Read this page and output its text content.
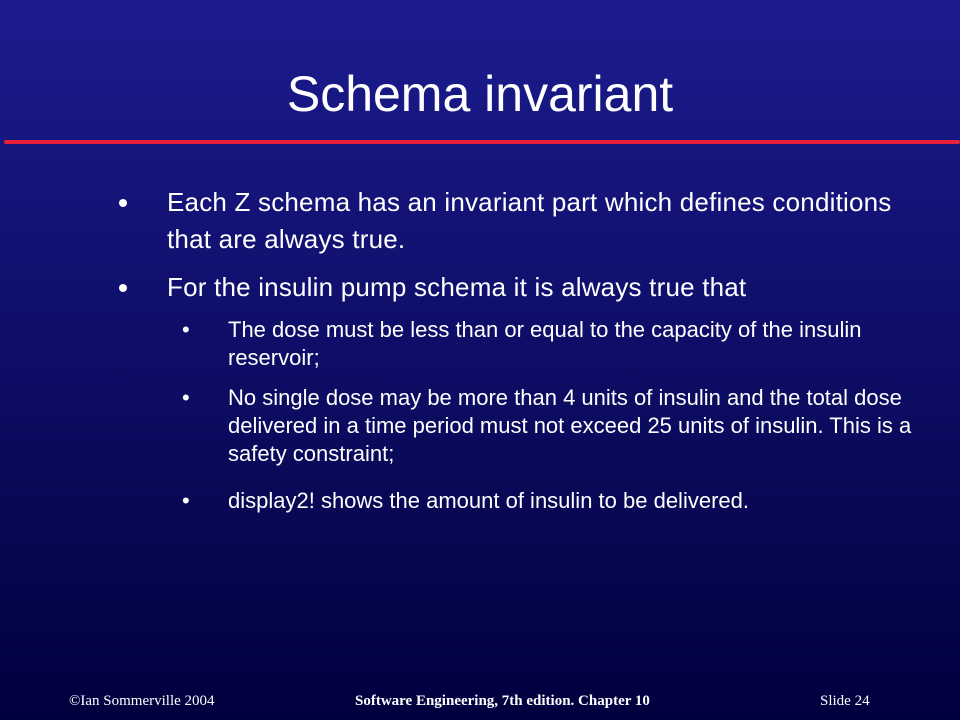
Schema invariant
Each Z schema has an invariant part which defines conditions that are always true.
For the insulin pump schema it is always true that
• The dose must be less than or equal to the capacity of the insulin reservoir;
• No single dose may be more than 4 units of insulin and the total dose delivered in a time period must not exceed 25 units of insulin. This is a safety constraint;
• display2! shows the amount of insulin to be delivered.
©Ian Sommerville 2004	Software Engineering, 7th edition. Chapter 10	Slide 24
